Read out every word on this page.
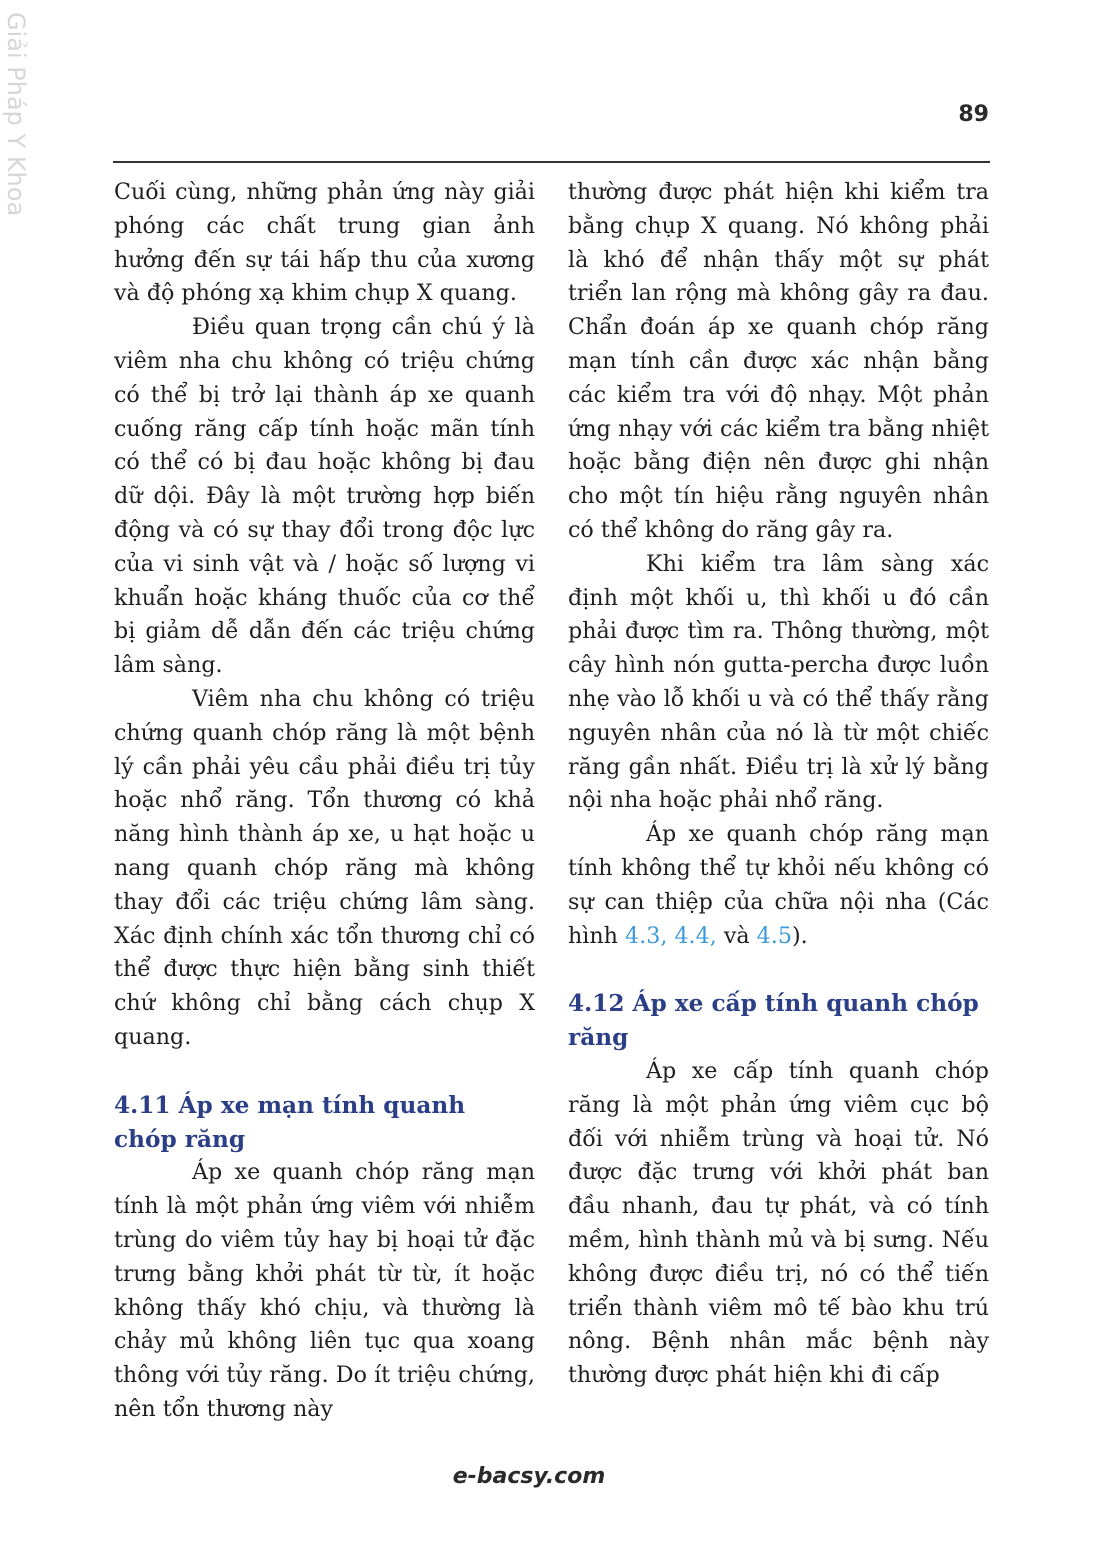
Giải Pháp Y Khoa	89

Cuối cùng, những phản ứng này giải phóng các chất trung gian ảnh hưởng đến sự tái hấp thu của xương và độ phóng xạ khim chụp X quang.

Điều quan trọng cần chú ý là viêm nha chu không có triệu chứng có thể bị trở lại thành áp xe quanh cuống răng cấp tính hoặc mãn tính có thể có bị đau hoặc không bị đau dữ dội. Đây là một trường hợp biến động và có sự thay đổi trong độc lực của vi sinh vật và / hoặc số lượng vi khuẩn hoặc kháng thuốc của cơ thể bị giảm dễ dẫn đến các triệu chứng lâm sàng.

Viêm nha chu không có triệu chứng quanh chóp răng là một bệnh lý cần phải yêu cầu phải điều trị tủy hoặc nhổ răng. Tổn thương có khả năng hình thành áp xe, u hạt hoặc u nang quanh chóp răng mà không thay đổi các triệu chứng lâm sàng. Xác định chính xác tổn thương chỉ có thể được thực hiện bằng sinh thiết chứ không chỉ bằng cách chụp X quang.

4.11 Áp xe mạn tính quanh chóp răng

Áp xe quanh chóp răng mạn tính là một phản ứng viêm với nhiễm trùng do viêm tủy hay bị hoại tử đặc trưng bằng khởi phát từ từ, ít hoặc không thấy khó chịu, và thường là chảy mủ không liên tục qua xoang thông với tủy răng. Do ít triệu chứng, nên tổn thương này

thường được phát hiện khi kiểm tra bằng chụp X quang. Nó không phải là khó để nhận thấy một sự phát triển lan rộng mà không gây ra đau. Chẩn đoán áp xe quanh chóp răng mạn tính cần được xác nhận bằng các kiểm tra với độ nhạy. Một phản ứng nhạy với các kiểm tra bằng nhiệt hoặc bằng điện nên được ghi nhận cho một tín hiệu rằng nguyên nhân có thể không do răng gây ra.

Khi kiểm tra lâm sàng xác định một khối u, thì khối u đó cần phải được tìm ra. Thông thường, một cây hình nón gutta-percha được luồn nhẹ vào lỗ khối u và có thể thấy rằng nguyên nhân của nó là từ một chiếc răng gần nhất. Điều trị là xử lý bằng nội nha hoặc phải nhổ răng.

Áp xe quanh chóp răng mạn tính không thể tự khỏi nếu không có sự can thiệp của chữa nội nha (Các hình 4.3, 4.4, và 4.5).

4.12 Áp xe cấp tính quanh chóp răng

Áp xe cấp tính quanh chóp răng là một phản ứng viêm cục bộ đối với nhiễm trùng và hoại tử. Nó được đặc trưng với khởi phát ban đầu nhanh, đau tự phát, và có tính mềm, hình thành mủ và bị sưng. Nếu không được điều trị, nó có thể tiến triển thành viêm mô tế bào khu trú nông. Bệnh nhân mắc bệnh này thường được phát hiện khi đi cấp

e-bacsy.com
